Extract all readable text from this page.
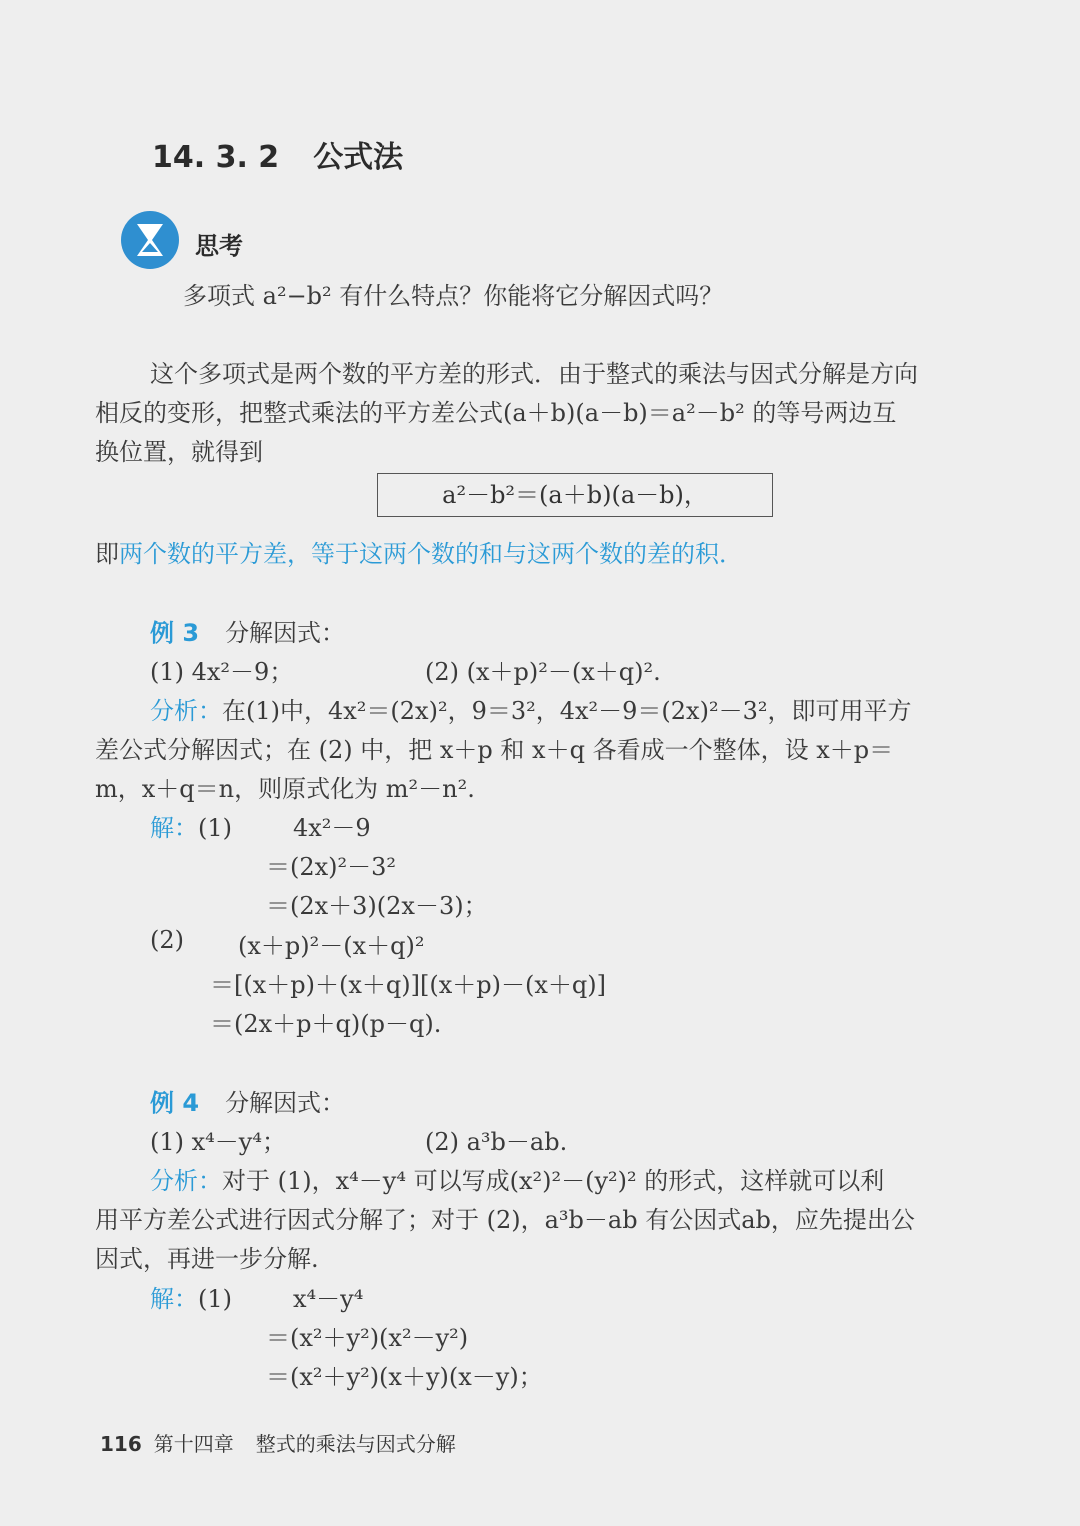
14. 3. 2 公式法
思考
多项式 a²−b² 有什么特点？你能将它分解因式吗？
这个多项式是两个数的平方差的形式．由于整式的乘法与因式分解是方向
相反的变形，把整式乘法的平方差公式(a＋b)(a－b)＝a²－b² 的等号两边互
换位置，就得到
a²－b²＝(a＋b)(a－b)，
即两个数的平方差，等于这两个数的和与这两个数的差的积．
例 3 分解因式：
(1) 4x²－9；	(2) (x＋p)²－(x＋q)².
分析：在(1)中，4x²＝(2x)²，9＝3²，4x²－9＝(2x)²－3²，即可用平方
差公式分解因式；在 (2) 中，把 x＋p 和 x＋q 各看成一个整体，设 x＋p＝
m，x＋q＝n，则原式化为 m²－n².
解：(1)	4x²－9
＝(2x)²－3²
＝(2x＋3)(2x－3)；
(2) (x＋p)²－(x＋q)²
＝[(x＋p)＋(x＋q)][(x＋p)－(x＋q)]
＝(2x＋p＋q)(p－q).
例 4 分解因式：
(1) x⁴－y⁴；	(2) a³b－ab.
分析：对于 (1)，x⁴－y⁴ 可以写成(x²)²－(y²)² 的形式，这样就可以利
用平方差公式进行因式分解了；对于 (2)，a³b－ab 有公因式ab，应先提出公
因式，再进一步分解.
解：(1)	x⁴－y⁴
＝(x²＋y²)(x²－y²)
＝(x²＋y²)(x＋y)(x－y)；
116 第十四章 整式的乘法与因式分解
